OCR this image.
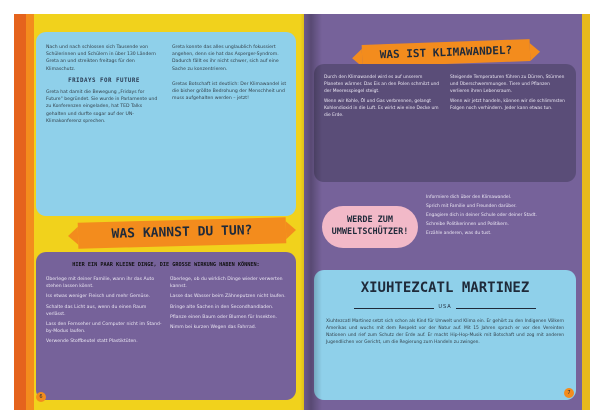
Nach und nach schlossen sich Tausende von Schülerinnen und Schülern in über 130 Ländern Greta an und streikten freitags für den Klimaschutz.

FRIDAYS FOR FUTURE

Greta hat damit die Bewegung „Fridays for Future" begründet. Sie wurde in Parlamente und zu Konferenzen eingeladen, hat TED Talks gehalten und durfte sogar auf der UN-Klimakonferenz sprechen.

Greta konnte das alles unglaublich fokussiert angehen, denn sie hat das Asperger-Syndrom. Dadurch fällt es ihr nicht schwer, sich auf eine Sache zu konzentrieren.

Gretas Botschaft ist deutlich: Der Klimawandel ist die bisher größte Bedrohung der Menschheit und muss aufgehalten werden – jetzt!

WAS KANNST DU TUN?
HIER EIN PAAR KLEINE DINGE, DIE GROSSE WIRKUNG HABEN KÖNNEN:
Überlege mit deiner Familie, wann ihr das Auto stehen lassen könnt.
Iss etwas weniger Fleisch und mehr Gemüse.
Schalte das Licht aus, wenn du einen Raum verlässt.
Lass den Fernseher und Computer nicht im Stand-by-Modus laufen.
Verwende Stoffbeutel statt Plastiktüten.
Überlege, ob du wirklich Dinge wieder verwerten kannst.
Lasse das Wasser beim Zähneputzen nicht laufen.
Bringe alte Sachen in den Secondhandladen.
Pflanze einen Baum oder Blumen für Insekten.
Nimm bei kurzen Wegen das Fahrrad.
6
WAS IST KLIMAWANDEL?
Durch den Klimawandel wird es auf unserem Planeten wärmer. Das Eis an den Polen schmilzt und der Meeresspiegel steigt.
Wenn wir Kohle, Öl und Gas verbrennen, gelangt Kohlendioxid in die Luft. Es wirkt wie eine Decke um die Erde.
Steigende Temperaturen führen zu Dürren, Stürmen und Überschwemmungen. Tiere und Pflanzen verlieren ihren Lebensraum.
Wenn wir jetzt handeln, können wir die schlimmsten Folgen noch verhindern. Jeder kann etwas tun.
WERDE ZUM UMWELTSCHÜTZER!
Informiere dich über den Klimawandel.
Sprich mit Familie und Freunden darüber.
Engagiere dich in deiner Schule oder deiner Stadt.
Schreibe Politikerinnen und Politikern.
Erzähle anderen, was du tust.
XIUHTEZCATL MARTINEZ
USA

Xiuhtezcatl Martinez setzt sich schon als Kind für Umwelt und Klima ein. Er gehört zu den Indigenen Völkern Amerikas und wuchs mit dem Respekt vor der Natur auf. Mit 15 Jahren sprach er vor den Vereinten Nationen und rief zum Schutz der Erde auf. Er macht Hip-Hop-Musik mit Botschaft und zog mit anderen Jugendlichen vor Gericht, um die Regierung zum Handeln zu zwingen.

7
